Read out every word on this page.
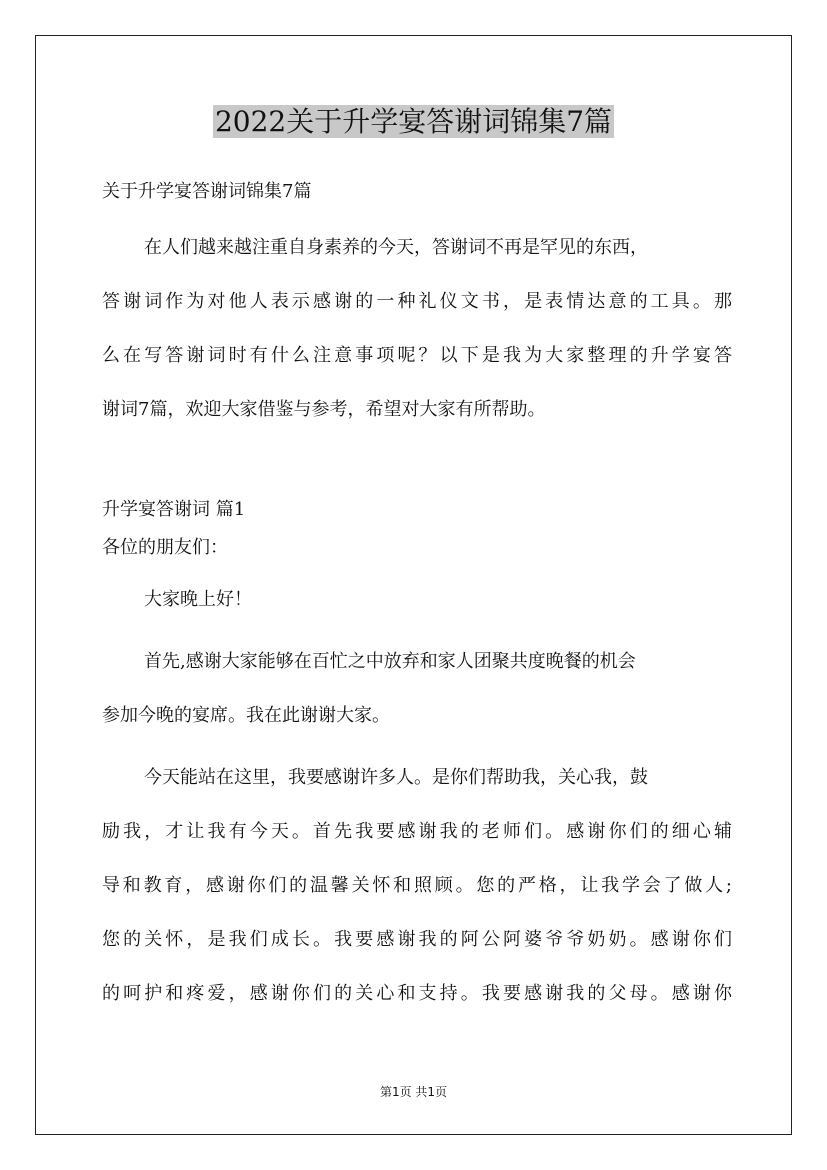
2022关于升学宴答谢词锦集7篇

关于升学宴答谢词锦集7篇

在人们越来越注重自身素养的今天，答谢词不再是罕见的东西，

答谢词作为对他人表示感谢的一种礼仪文书，是表情达意的工具。那

么在写答谢词时有什么注意事项呢？以下是我为大家整理的升学宴答

谢词7篇，欢迎大家借鉴与参考，希望对大家有所帮助。

升学宴答谢词 篇1

各位的朋友们：

大家晚上好！

首先,感谢大家能够在百忙之中放弃和家人团聚共度晚餐的机会

参加今晚的宴席。我在此谢谢大家。

今天能站在这里，我要感谢许多人。是你们帮助我，关心我，鼓

励我，才让我有今天。首先我要感谢我的老师们。感谢你们的细心辅

导和教育，感谢你们的温馨关怀和照顾。您的严格，让我学会了做人;

您的关怀，是我们成长。我要感谢我的阿公阿婆爷爷奶奶。感谢你们

的呵护和疼爱，感谢你们的关心和支持。我要感谢我的父母。感谢你

第1页 共1页
